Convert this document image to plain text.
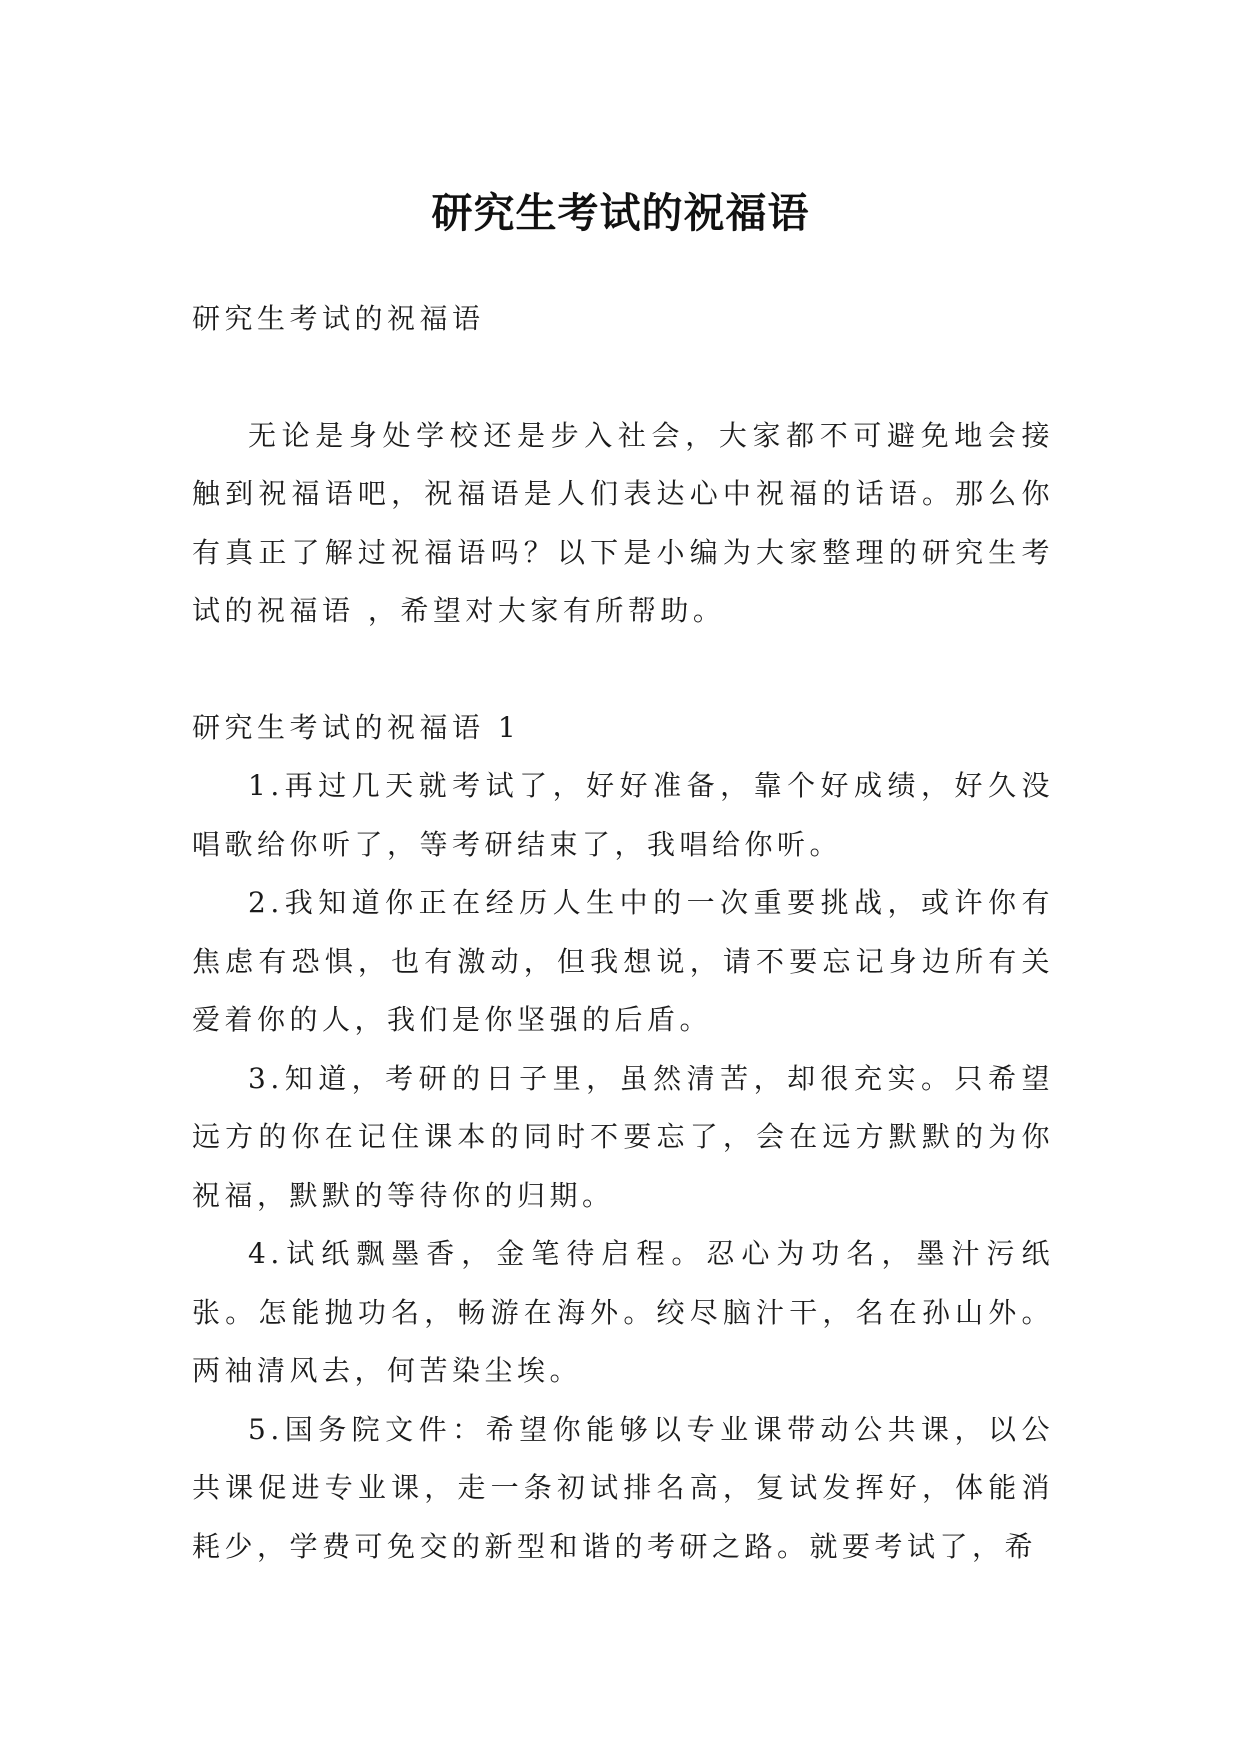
研究生考试的祝福语

研究生考试的祝福语

无论是身处学校还是步入社会，大家都不可避免地会接触到祝福语吧，祝福语是人们表达心中祝福的话语。那么你有真正了解过祝福语吗？以下是小编为大家整理的研究生考试的祝福语 ，希望对大家有所帮助。

研究生考试的祝福语 1

1.再过几天就考试了，好好准备，靠个好成绩，好久没唱歌给你听了，等考研结束了，我唱给你听。

2.我知道你正在经历人生中的一次重要挑战，或许你有焦虑有恐惧，也有激动，但我想说，请不要忘记身边所有关爱着你的人，我们是你坚强的后盾。

3.知道，考研的日子里，虽然清苦，却很充实。只希望远方的你在记住课本的同时不要忘了，会在远方默默的为你祝福，默默的等待你的归期。

4.试纸飘墨香，金笔待启程。忍心为功名，墨汁污纸张。怎能抛功名，畅游在海外。绞尽脑汁干，名在孙山外。两袖清风去，何苦染尘埃。

5.国务院文件：希望你能够以专业课带动公共课，以公共课促进专业课，走一条初试排名高，复试发挥好，体能消耗少，学费可免交的新型和谐的考研之路。就要考试了，希
